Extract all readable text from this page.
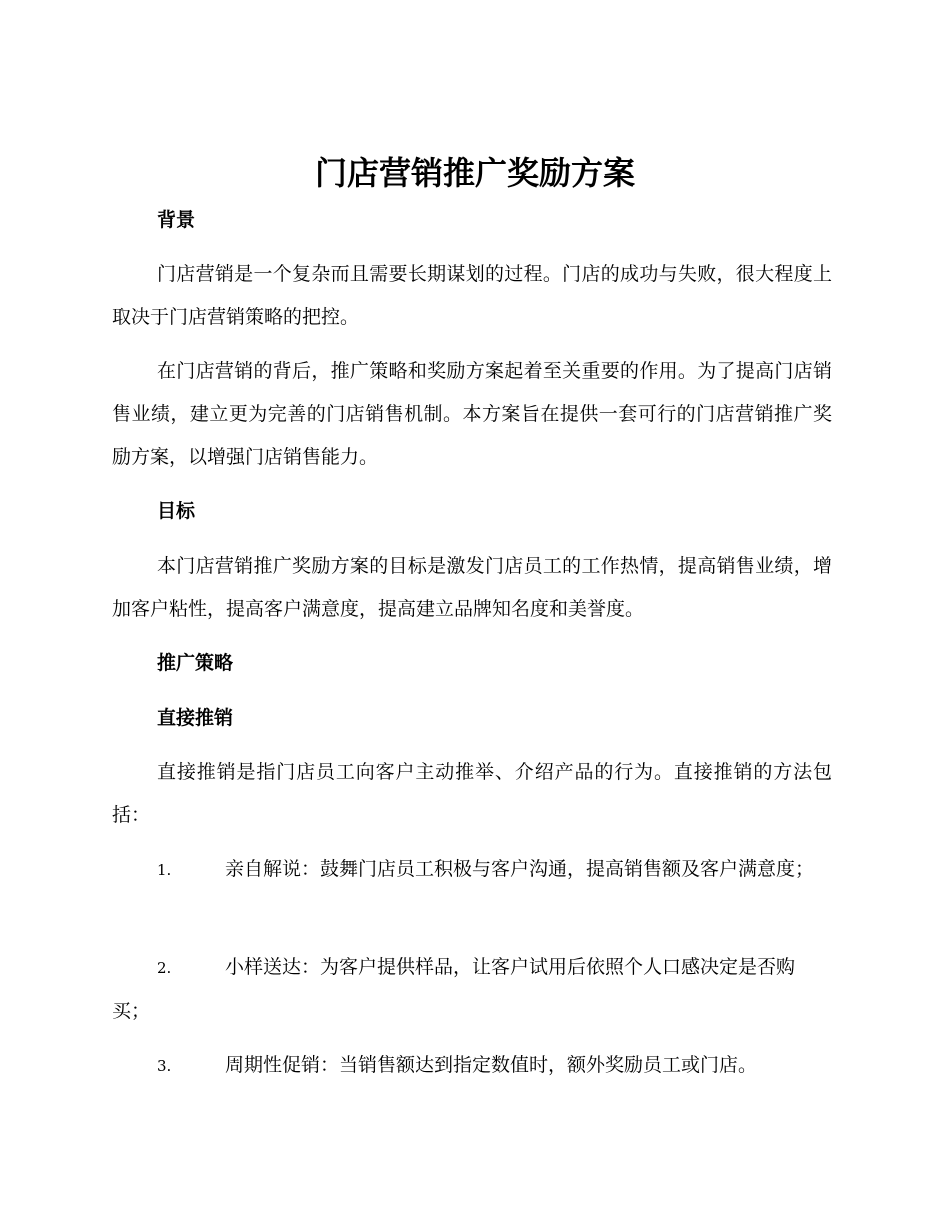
门店营销推广奖励方案
背景

门店营销是一个复杂而且需要长期谋划的过程。门店的成功与失败，很大程度上取决于门店营销策略的把控。

在门店营销的背后，推广策略和奖励方案起着至关重要的作用。为了提高门店销售业绩，建立更为完善的门店销售机制。本方案旨在提供一套可行的门店营销推广奖励方案，以增强门店销售能力。

目标

本门店营销推广奖励方案的目标是激发门店员工的工作热情，提高销售业绩，增加客户粘性，提高客户满意度，提高建立品牌知名度和美誉度。

推广策略
直接推销

直接推销是指门店员工向客户主动推举、介绍产品的行为。直接推销的方法包括：

1.	亲自解说：鼓舞门店员工积极与客户沟通，提高销售额及客户满意度；

2.	小样送达：为客户提供样品，让客户试用后依照个人口感决定是否购买；

3.	周期性促销：当销售额达到指定数值时，额外奖励员工或门店。
